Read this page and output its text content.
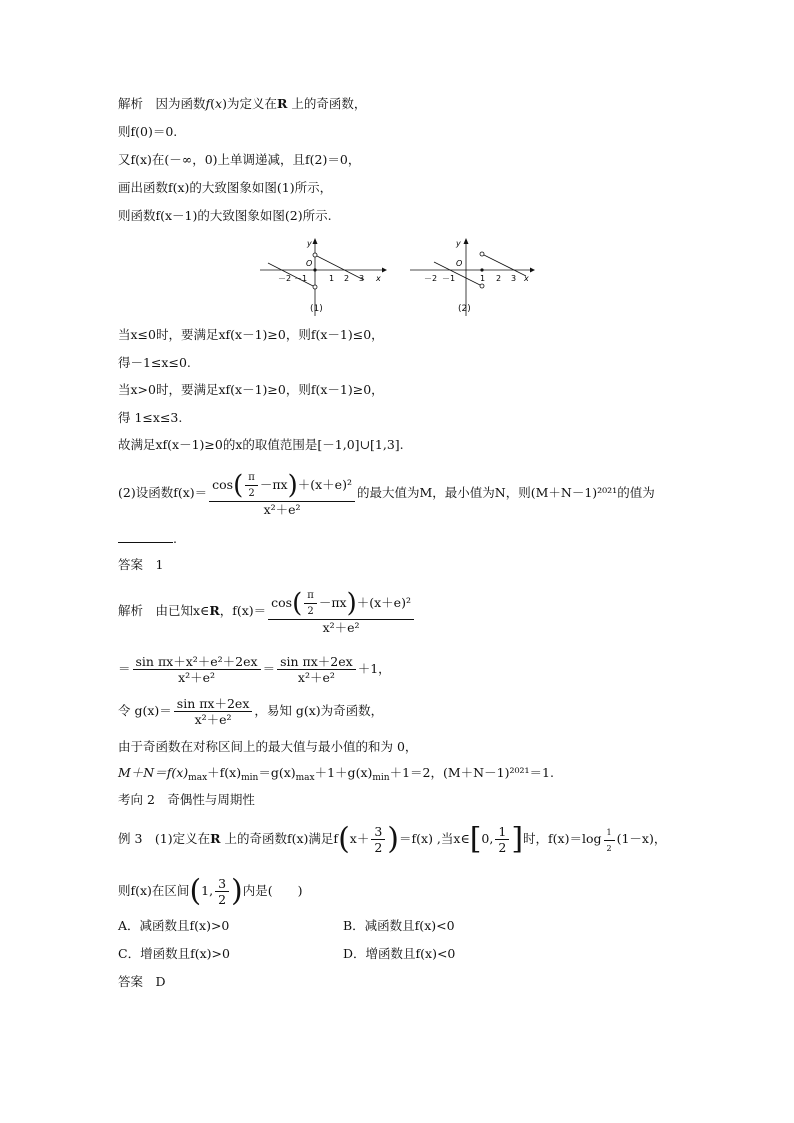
解析　因为函数f(x)为定义在R 上的奇函数，
则f(0)＝0.
又f(x)在(－∞，0)上单调递减，且f(2)＝0，
画出函数f(x)的大致图象如图(1)所示，
则函数f(x－1)的大致图象如图(2)所示.
y
x
O
－2 －1	1 2 3
(1)
y
x
O
－2 －1	1 2 3
(2)
当x≤0时，要满足xf(x－1)≥0，则f(x－1)≤0，
得－1≤x≤0.
当x>0时，要满足xf(x－1)≥0，则f(x－1)≥0，
得 1≤x≤3.
故满足xf(x－1)≥0的x的取值范围是[－1,0]∪[1,3].
(2)设函数$f(x)= \frac{\cos( \frac{\pi}{2} -\pi x)+(x+e)^2}{\text{x²＋e²}}$ 的最大值为M，最小值为N，则(M＋N－1)²⁰²¹的值为
.
答案　1
解析　由已知x∈R，$f(x)= \frac{\cos( \frac{\pi}{2} -\pi x)+(x+e)^2}{\text{x²＋e²}}$
＝ $\frac{\text{sin πx＋x²＋e²＋2ex}}{\text{x²＋e²}} = \frac{\text{sin πx＋2ex}}{\text{x²＋e²}} +1$，
令 $g(x)= \frac{\text{sin πx＋2ex}}{\text{x²＋e²}}$ ，易知 g(x)为奇函数，
由于奇函数在对称区间上的最大值与最小值的和为 0，
$M+N=f(x)_{max}+f(x)_{min}=g(x)_{max}+1+g(x)_{min}+1=2$，(M＋N－1)²⁰²¹＝1.
考向 2　奇偶性与周期性
例 3　(1)定义在R 上的奇函数f(x)满足$f(x+ \frac{3}{2} )=f(x)$ ,当x∈[0, $\frac{1}{2}$ ]时，$f(x)=\log \frac{1}{2} (1-x)$，
则f(x)在区间(1, $\frac{3}{2}$ )内是(　　)
A．减函数且f(x)>0	B．减函数且f(x)<0
C．增函数且f(x)>0	D．增函数且f(x)<0
答案　D
